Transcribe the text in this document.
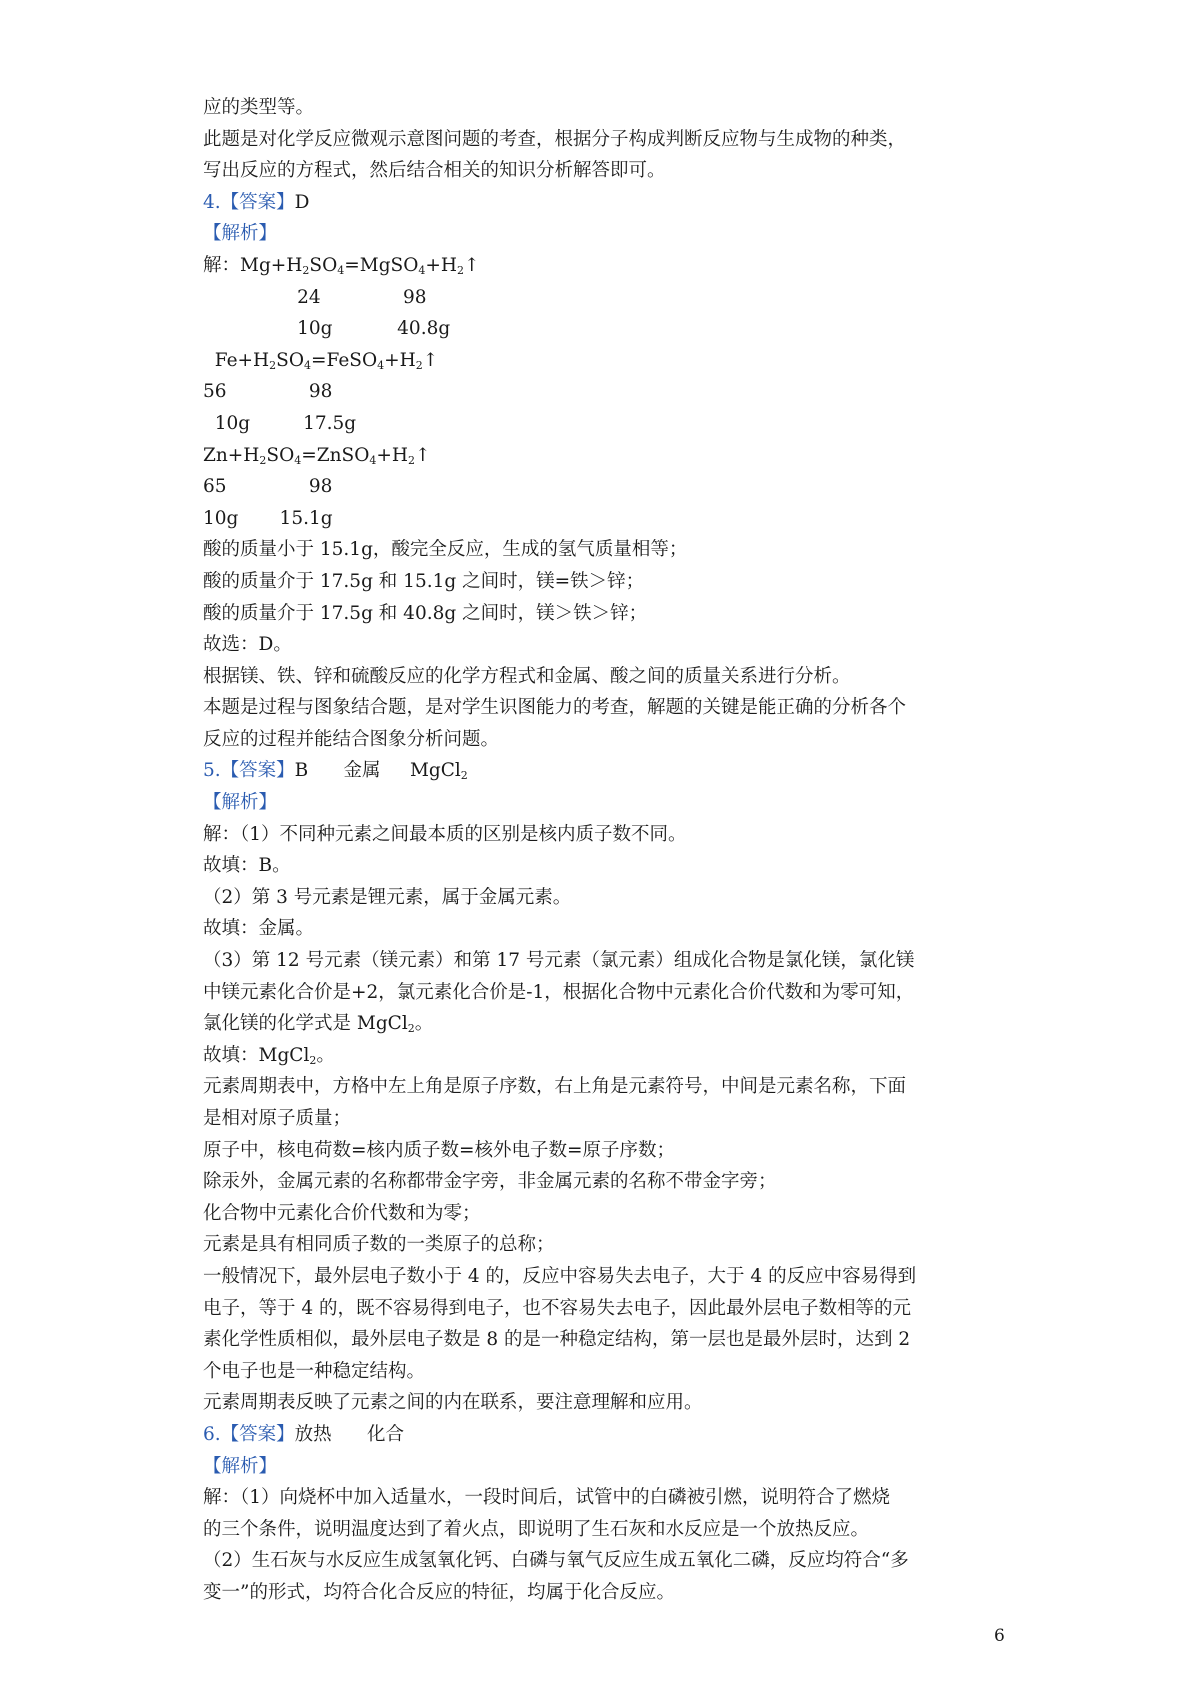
应的类型等。
此题是对化学反应微观示意图问题的考查，根据分子构成判断反应物与生成物的种类，
写出反应的方程式，然后结合相关的知识分析解答即可。
4.【答案】D
【解析】
解：$Mg+H_2SO_4=MgSO_4+H_2↑$
24              98
10g           40.8g
$Fe+H_2SO_4=FeSO_4+H_2↑$
56              98
10g         17.5g
$Zn+H_2SO_4=ZnSO_4+H_2↑$
65              98
10g       15.1g
酸的质量小于 15.1g，酸完全反应，生成的氢气质量相等；
酸的质量介于 17.5g 和 15.1g 之间时，镁=铁＞锌；
酸的质量介于 17.5g 和 40.8g 之间时，镁＞铁＞锌；
故选：D。
根据镁、铁、锌和硫酸反应的化学方程式和金属、酸之间的质量关系进行分析。
本题是过程与图象结合题，是对学生识图能力的考查，解题的关键是能正确的分析各个
反应的过程并能结合图象分析问题。
5.【答案】B      金属     MgCl$_2$
【解析】
解：（1）不同种元素之间最本质的区别是核内质子数不同。
故填：B。
（2）第 3 号元素是锂元素，属于金属元素。
故填：金属。
（3）第 12 号元素（镁元素）和第 17 号元素（氯元素）组成化合物是氯化镁，氯化镁
中镁元素化合价是+2，氯元素化合价是-1，根据化合物中元素化合价代数和为零可知，
氯化镁的化学式是 MgCl$_2$。
故填：MgCl$_2$。
元素周期表中，方格中左上角是原子序数，右上角是元素符号，中间是元素名称，下面
是相对原子质量；
原子中，核电荷数=核内质子数=核外电子数=原子序数；
除汞外，金属元素的名称都带金字旁，非金属元素的名称不带金字旁；
化合物中元素化合价代数和为零；
元素是具有相同质子数的一类原子的总称；
一般情况下，最外层电子数小于 4 的，反应中容易失去电子，大于 4 的反应中容易得到
电子，等于 4 的，既不容易得到电子，也不容易失去电子，因此最外层电子数相等的元
素化学性质相似，最外层电子数是 8 的是一种稳定结构，第一层也是最外层时，达到 2
个电子也是一种稳定结构。
元素周期表反映了元素之间的内在联系，要注意理解和应用。
6.【答案】放热      化合
【解析】
解：（1）向烧杯中加入适量水，一段时间后，试管中的白磷被引燃，说明符合了燃烧
的三个条件，说明温度达到了着火点，即说明了生石灰和水反应是一个放热反应。
（2）生石灰与水反应生成氢氧化钙、白磷与氧气反应生成五氧化二磷，反应均符合“多
变一”的形式，均符合化合反应的特征，均属于化合反应。
6
